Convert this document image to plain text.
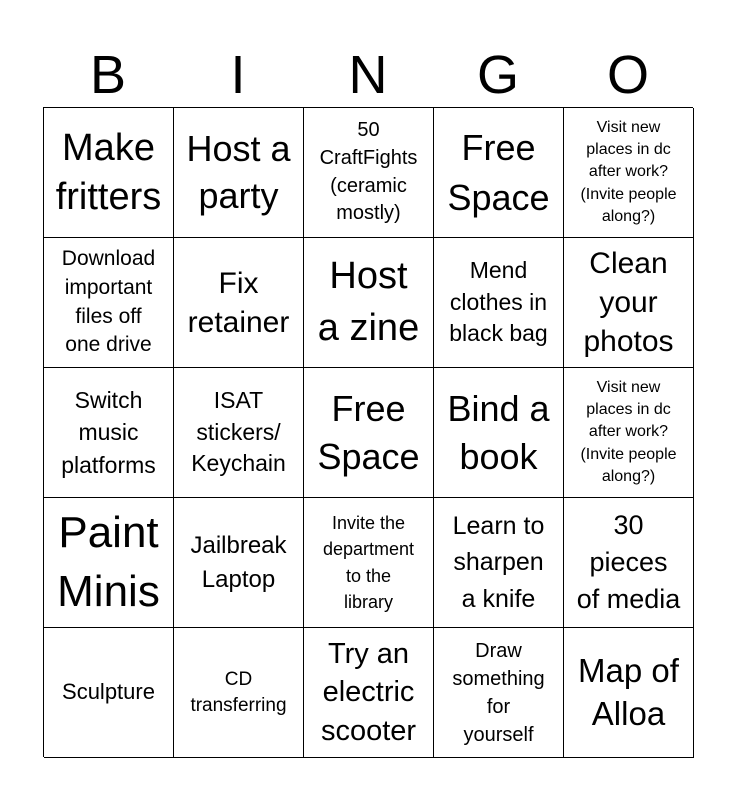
B	I	N	G	O
Make
fritters
Host a
party
50
CraftFights
(ceramic
mostly)
Free
Space
Visit new
places in dc
after work?
(Invite people
along?)
Download
important
files off
one drive
Fix
retainer
Host
a zine
Mend
clothes in
black bag
Clean
your
photos
Switch
music
platforms
ISAT
stickers/
Keychain
Free
Space
Bind a
book
Visit new
places in dc
after work?
(Invite people
along?)
Paint
Minis
Jailbreak
Laptop
Invite the
department
to the
library
Learn to
sharpen
a knife
30
pieces
of media
Sculpture	CD
transferring
Try an
electric
scooter
Draw
something
for
yourself
Map of
Alloa
